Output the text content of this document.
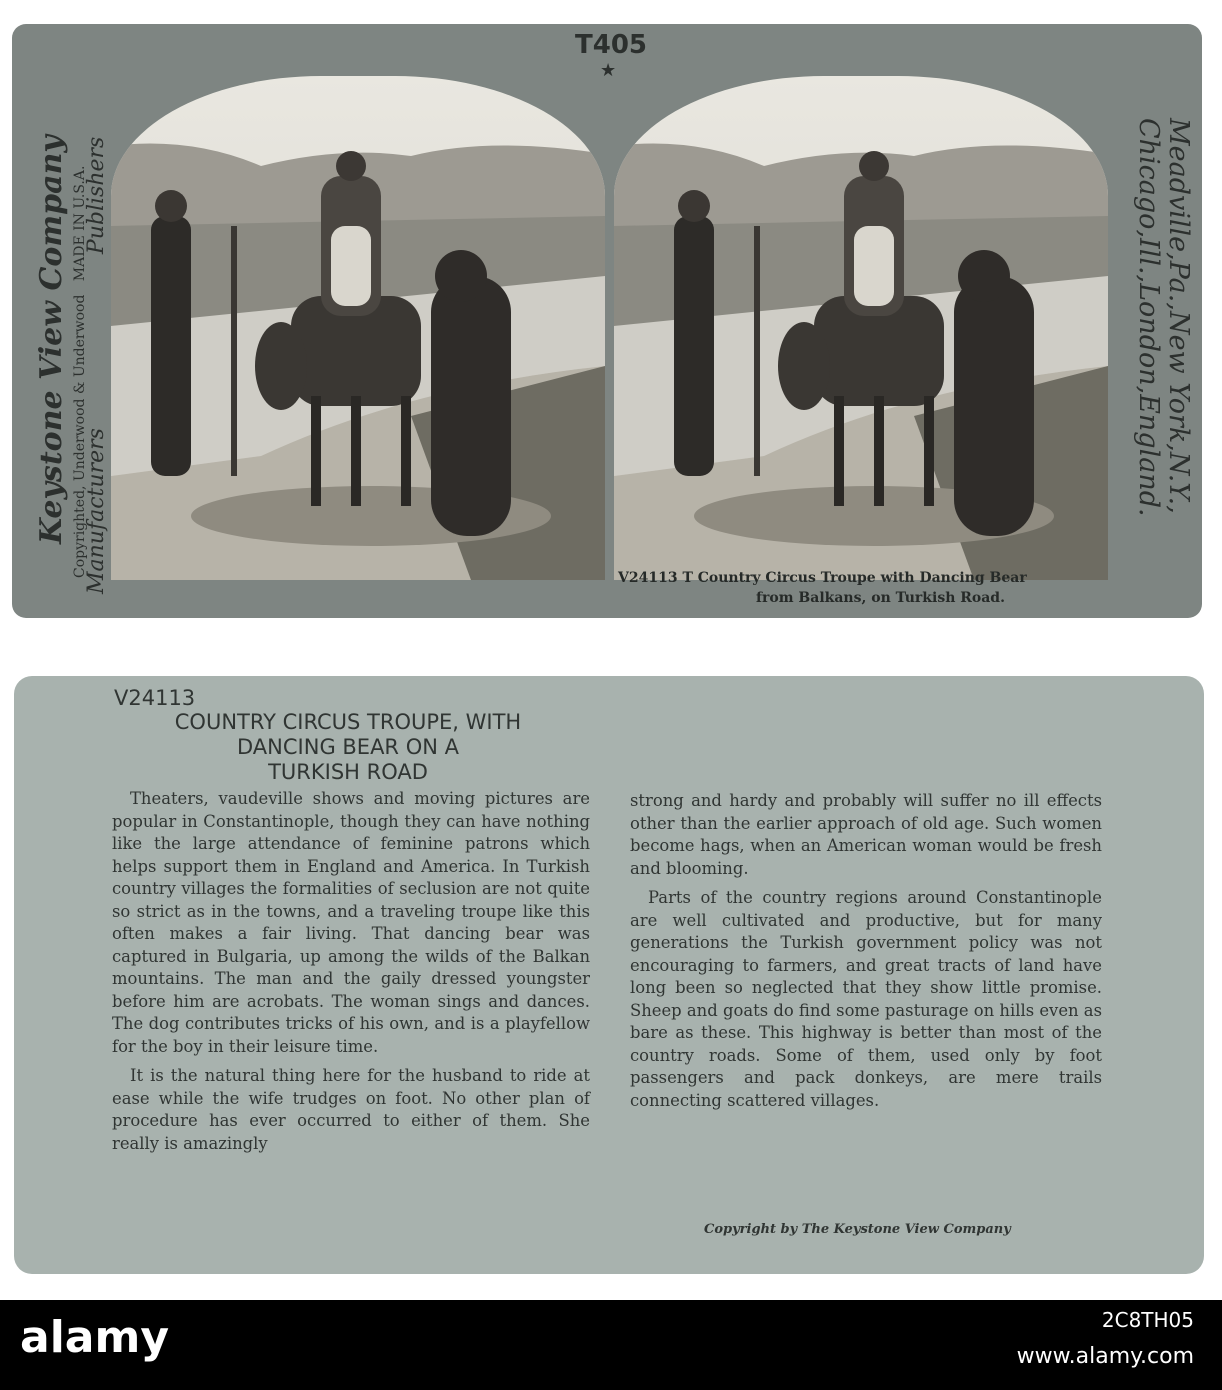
T405
★
Keystone View Company Copyrighted, Underwood & Underwood   MADE IN U.S.A.
Manufacturers  Publishers	Meadville,Pa.,New York,N.Y.,
Chicago,Ill.,London,England.
V24113 T Country Circus Troupe with Dancing Bear
from Balkans, on Turkish Road.
V24113
COUNTRY CIRCUS TROUPE, WITH
DANCING BEAR ON A
TURKISH ROAD

Theaters, vaudeville shows and moving pictures are popular in Constantinople, though they can have nothing like the large attendance of feminine patrons which helps support them in England and America. In Turkish country villages the formalities of seclusion are not quite so strict as in the towns, and a traveling troupe like this often makes a fair living. That dancing bear was captured in Bulgaria, up among the wilds of the Balkan mountains. The man and the gaily dressed youngster before him are acrobats. The woman sings and dances. The dog contributes tricks of his own, and is a playfellow for the boy in their leisure time.

It is the natural thing here for the husband to ride at ease while the wife trudges on foot. No other plan of procedure has ever occurred to either of them. She really is amazingly

strong and hardy and probably will suffer no ill effects other than the earlier approach of old age. Such women become hags, when an American woman would be fresh and blooming.

Parts of the country regions around Constantinople are well cultivated and productive, but for many generations the Turkish government policy was not encouraging to farmers, and great tracts of land have long been so neglected that they show little promise. Sheep and goats do find some pasturage on hills even as bare as these. This highway is better than most of the country roads. Some of them, used only by foot passengers and pack donkeys, are mere trails connecting scattered villages.

Copyright by The Keystone View Company
alamy	2C8TH05
www.alamy.com
